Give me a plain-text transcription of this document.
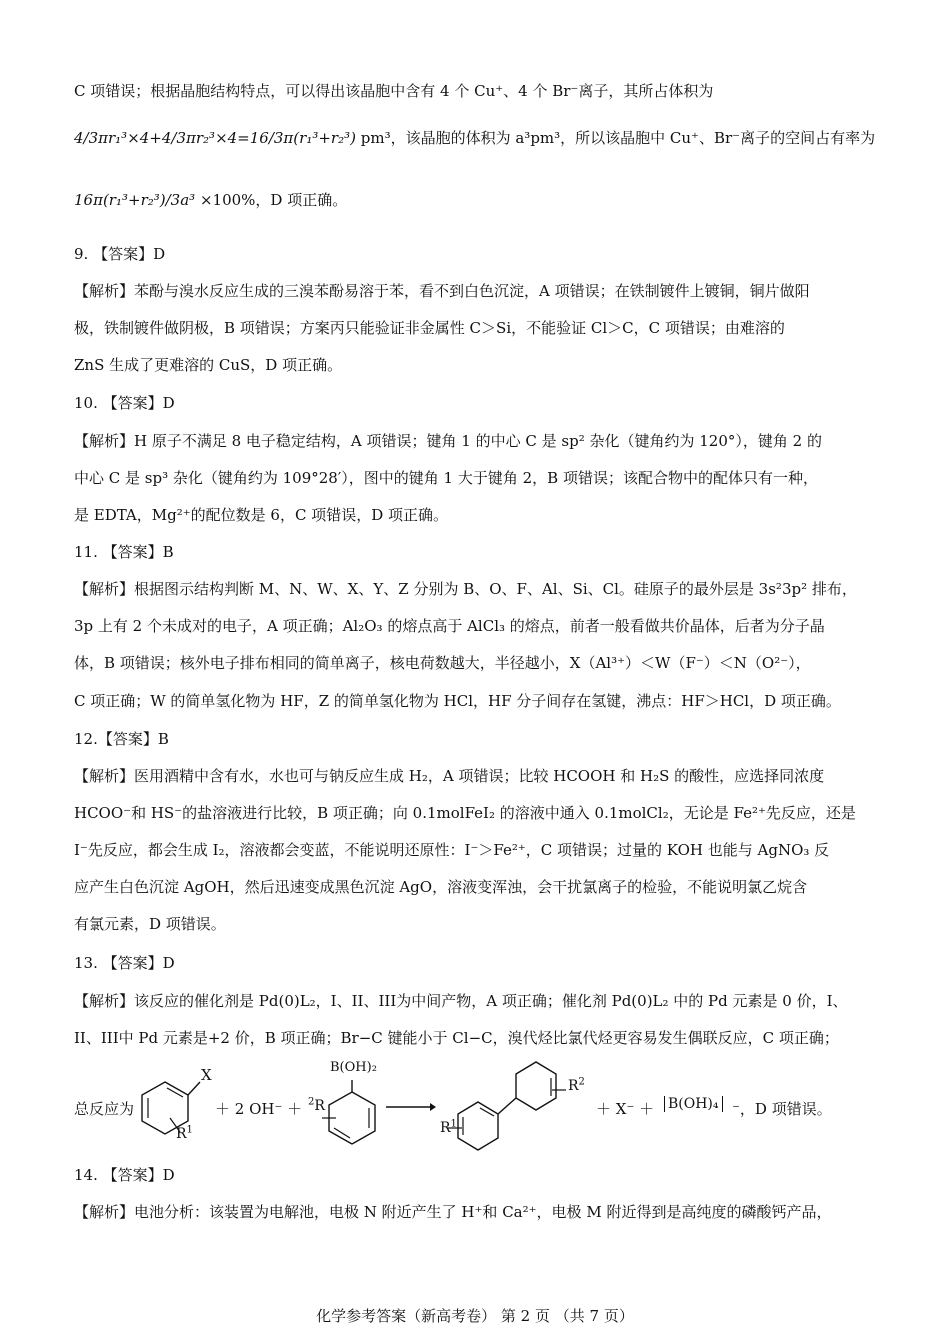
C 项错误；根据晶胞结构特点，可以得出该晶胞中含有 4 个 Cu⁺、4 个 Br⁻离子，其所占体积为
4/3πr₁³×4+4/3πr₂³×4=16/3π(r₁³+r₂³) pm³，该晶胞的体积为 a³pm³，所以该晶胞中 Cu⁺、Br⁻离子的空间占有率为
16π(r₁³+r₂³)/3a³ ×100%，D 项正确。
9. 【答案】D
【解析】苯酚与溴水反应生成的三溴苯酚易溶于苯，看不到白色沉淀，A 项错误；在铁制镀件上镀铜，铜片做阳
极，铁制镀件做阴极，B 项错误；方案丙只能验证非金属性 C＞Si，不能验证 Cl＞C，C 项错误；由难溶的
ZnS 生成了更难溶的 CuS，D 项正确。
10. 【答案】D
【解析】H 原子不满足 8 电子稳定结构，A 项错误；键角 1 的中心 C 是 sp² 杂化（键角约为 120°），键角 2 的
中心 C 是 sp³ 杂化（键角约为 109°28′），图中的键角 1 大于键角 2，B 项错误；该配合物中的配体只有一种，
是 EDTA，Mg²⁺的配位数是 6，C 项错误，D 项正确。
11. 【答案】B
【解析】根据图示结构判断 M、N、W、X、Y、Z 分别为 B、O、F、Al、Si、Cl。硅原子的最外层是 3s²3p² 排布，
3p 上有 2 个未成对的电子，A 项正确；Al₂O₃ 的熔点高于 AlCl₃ 的熔点，前者一般看做共价晶体，后者为分子晶
体，B 项错误；核外电子排布相同的简单离子，核电荷数越大，半径越小，X（Al³⁺）＜W（F⁻）＜N（O²⁻），
C 项正确；W 的简单氢化物为 HF，Z 的简单氢化物为 HCl，HF 分子间存在氢键，沸点：HF＞HCl，D 项正确。
12.【答案】B
【解析】医用酒精中含有水，水也可与钠反应生成 H₂，A 项错误；比较 HCOOH 和 H₂S 的酸性，应选择同浓度
HCOO⁻和 HS⁻的盐溶液进行比较，B 项正确；向 0.1molFeI₂ 的溶液中通入 0.1molCl₂，无论是 Fe²⁺先反应，还是
I⁻先反应，都会生成 I₂，溶液都会变蓝，不能说明还原性：I⁻＞Fe²⁺，C 项错误；过量的 KOH 也能与 AgNO₃ 反
应产生白色沉淀 AgOH，然后迅速变成黑色沉淀 AgO，溶液变浑浊，会干扰氯离子的检验，不能说明氯乙烷含
有氯元素，D 项错误。
13. 【答案】D
【解析】该反应的催化剂是 Pd(0)L₂，I、II、III为中间产物，A 项正确；催化剂 Pd(0)L₂ 中的 Pd 元素是 0 价，I、
II、III中 Pd 元素是+2 价，B 项正确；Br−C 键能小于 Cl−C，溴代烃比氯代烃更容易发生偶联反应，C 项正确；
总反应为
X
$R^1$
＋ 2 OH⁻ ＋
B(OH)₂
$^2$R
$R^1$
$R^2$
＋ X⁻ ＋ B(OH)₄ ⁻，D 项错误。
14. 【答案】D
【解析】电池分析：该装置为电解池，电极 N 附近产生了 H⁺和 Ca²⁺，电极 M 附近得到是高纯度的磷酸钙产品，
化学参考答案（新高考卷） 第 2 页 （共 7 页）
